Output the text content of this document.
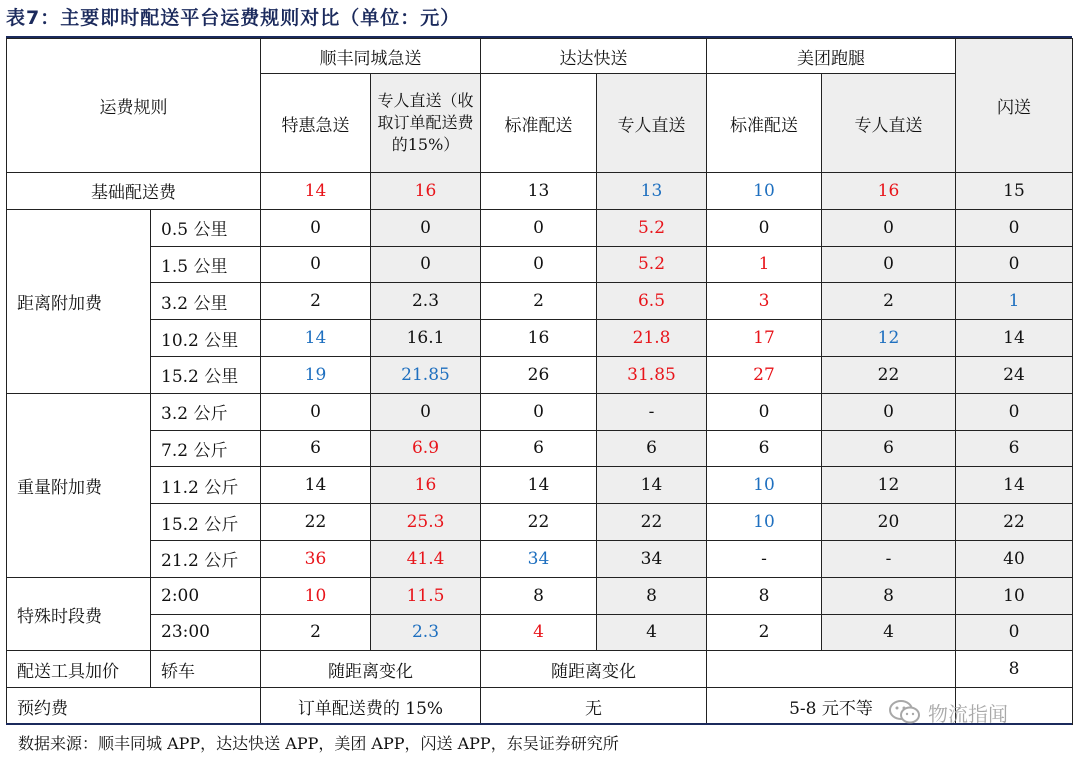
表7：主要即时配送平台运费规则对比（单位：元）
运费规则		顺丰同城急送		达达快送		美团跑腿		闪送
		特惠急送	专人直送（收取订单配送费的15%）	标准配送	专人直送	标准配送	专人直送	
基础配送费		14	16	13	13	10	16	15
距离附加费	0.5 公里	0	0	0	5.2	0	0	0
	1.5 公里	0	0	0	5.2	1	0	0
	3.2 公里	2	2.3	2	6.5	3	2	1
	10.2 公里	14	16.1	16	21.8	17	12	14
	15.2 公里	19	21.85	26	31.85	27	22	24
重量附加费	3.2 公斤	0	0	0	-	0	0	0
	7.2 公斤	6	6.9	6	6	6	6	6
	11.2 公斤	14	16	14	14	10	12	14
	15.2 公斤	22	25.3	22	22	10	20	22
	21.2 公斤	36	41.4	34	34	-	-	40
特殊时段费	2:00	10	11.5	8	8	8	8	10
	23:00	2	2.3	4	4	2	4	0
配送工具加价	轿车	随距离变化		随距离变化				8
预约费		订单配送费的 15%		无		5-8 元不等		
数据来源：顺丰同城 APP，达达快送 APP，美团 APP，闪送 APP，东吴证券研究所
物流指闻
